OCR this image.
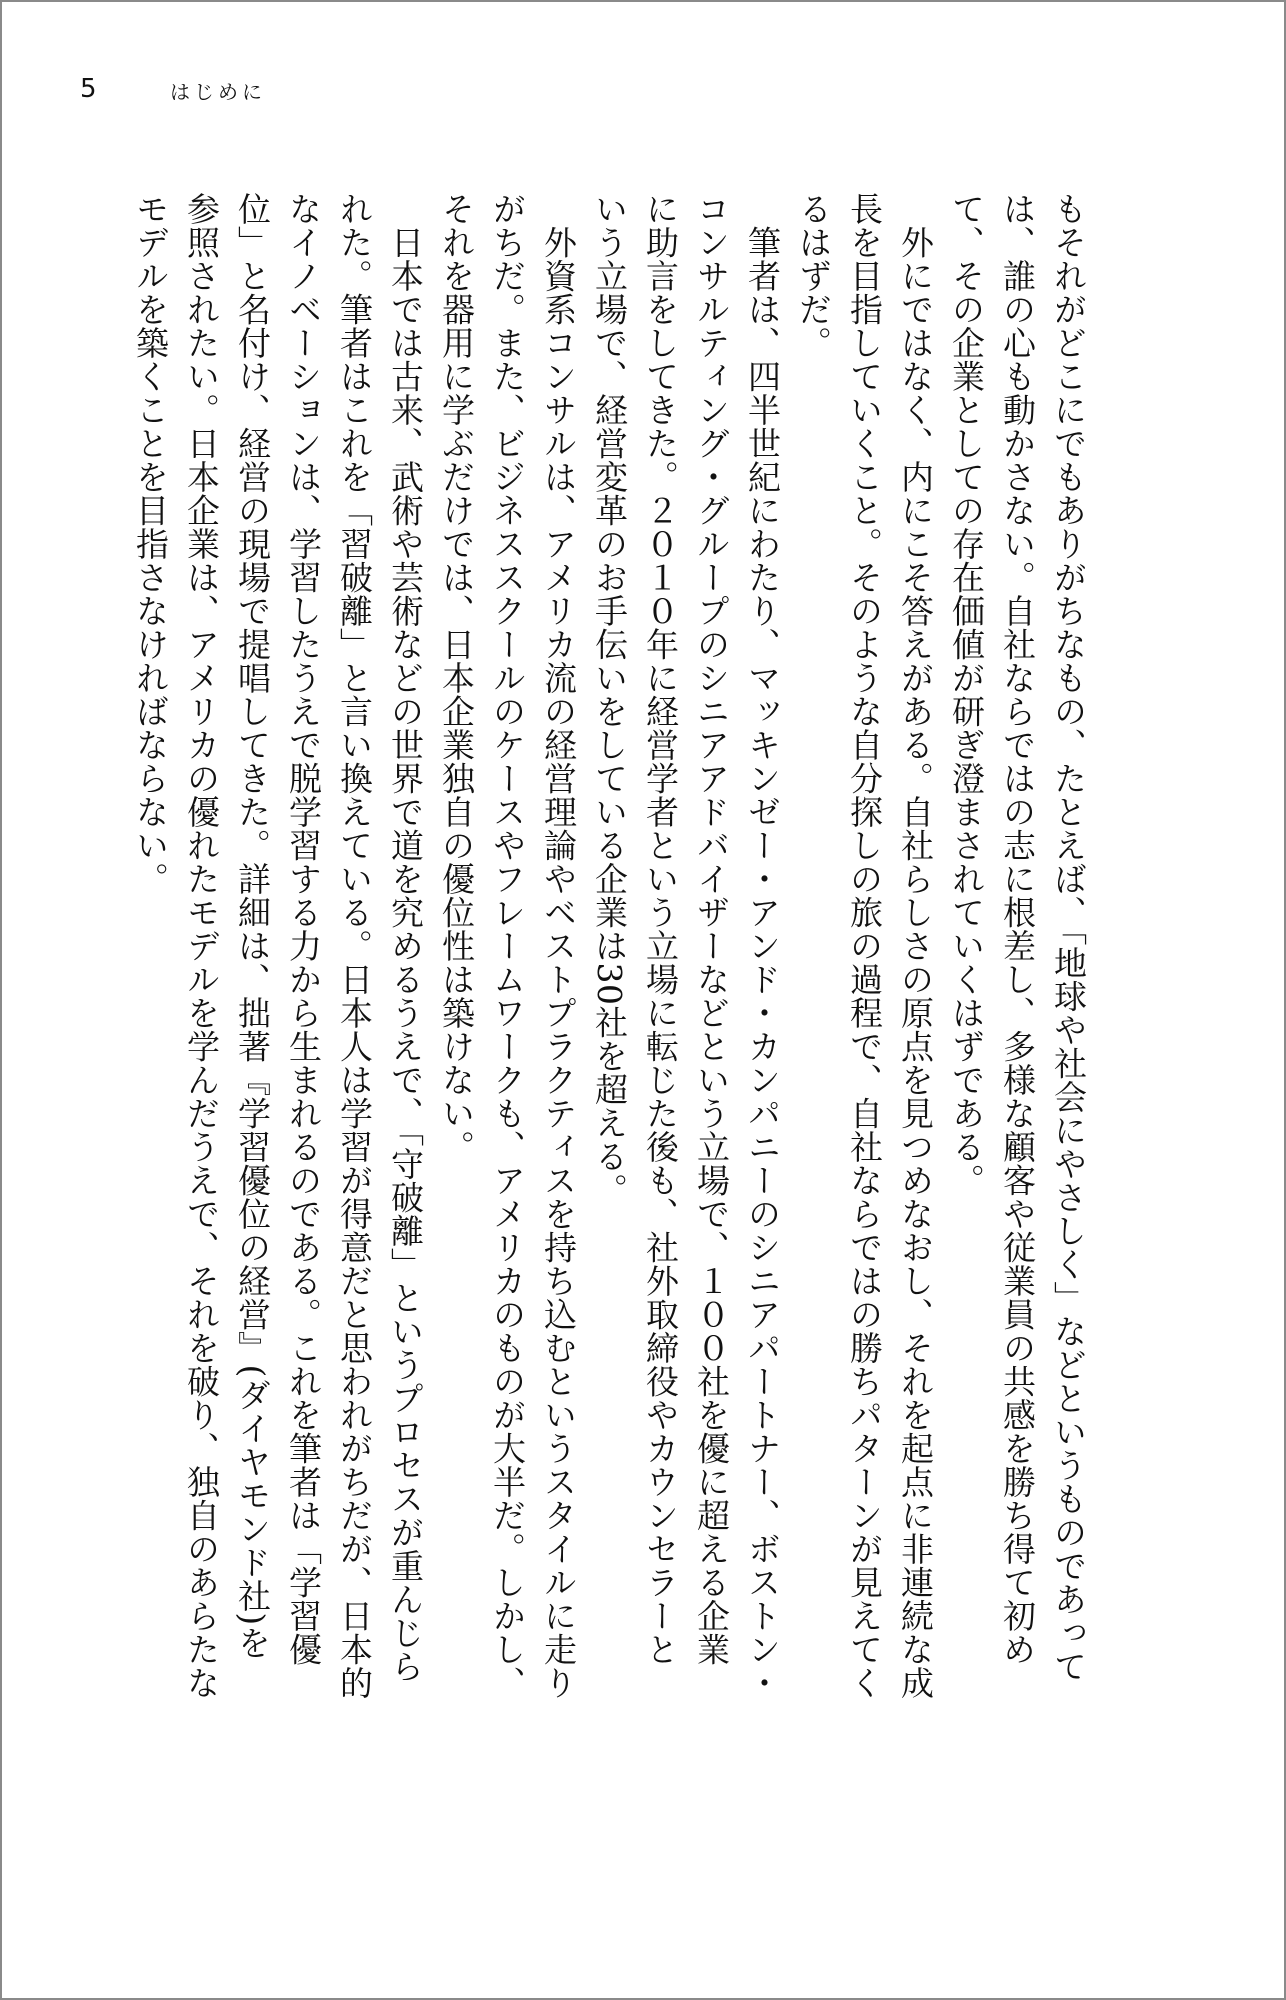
5	はじめに

もそれがどこにでもありがちなもの、たとえば、「地球や社会にやさしく」などというものであって
は、誰の心も動かさない。自社ならではの志に根差し、多様な顧客や従業員の共感を勝ち得て初め
て、その企業としての存在価値が研ぎ澄まされていくはずである。

　外にではなく、内にこそ答えがある。自社らしさの原点を見つめなおし、それを起点に非連続な成
長を目指していくこと。そのような自分探しの旅の過程で、自社ならではの勝ちパターンが見えてく
るはずだ。

　筆者は、四半世紀にわたり、マッキンゼー・アンド・カンパニーのシニアパートナー、ボストン・
コンサルティング・グループのシニアアドバイザーなどという立場で、１００社を優に超える企業
に助言をしてきた。２０１０年に経営学者という立場に転じた後も、社外取締役やカウンセラーと
いう立場で、経営変革のお手伝いをしている企業は30社を超える。

　外資系コンサルは、アメリカ流の経営理論やベストプラクティスを持ち込むというスタイルに走り
がちだ。また、ビジネススクールのケースやフレームワークも、アメリカのものが大半だ。しかし、
それを器用に学ぶだけでは、日本企業独自の優位性は築けない。

　日本では古来、武術や芸術などの世界で道を究めるうえで、「守破離」というプロセスが重んじら
れた。筆者はこれを「習破離」と言い換えている。日本人は学習が得意だと思われがちだが、日本的
なイノベーションは、学習したうえで脱学習する力から生まれるのである。これを筆者は「学習優
位」と名付け、経営の現場で提唱してきた。詳細は、拙著『学習優位の経営』(ダイヤモンド社)を
参照されたい。日本企業は、アメリカの優れたモデルを学んだうえで、それを破り、独自のあらたな
モデルを築くことを目指さなければならない。
